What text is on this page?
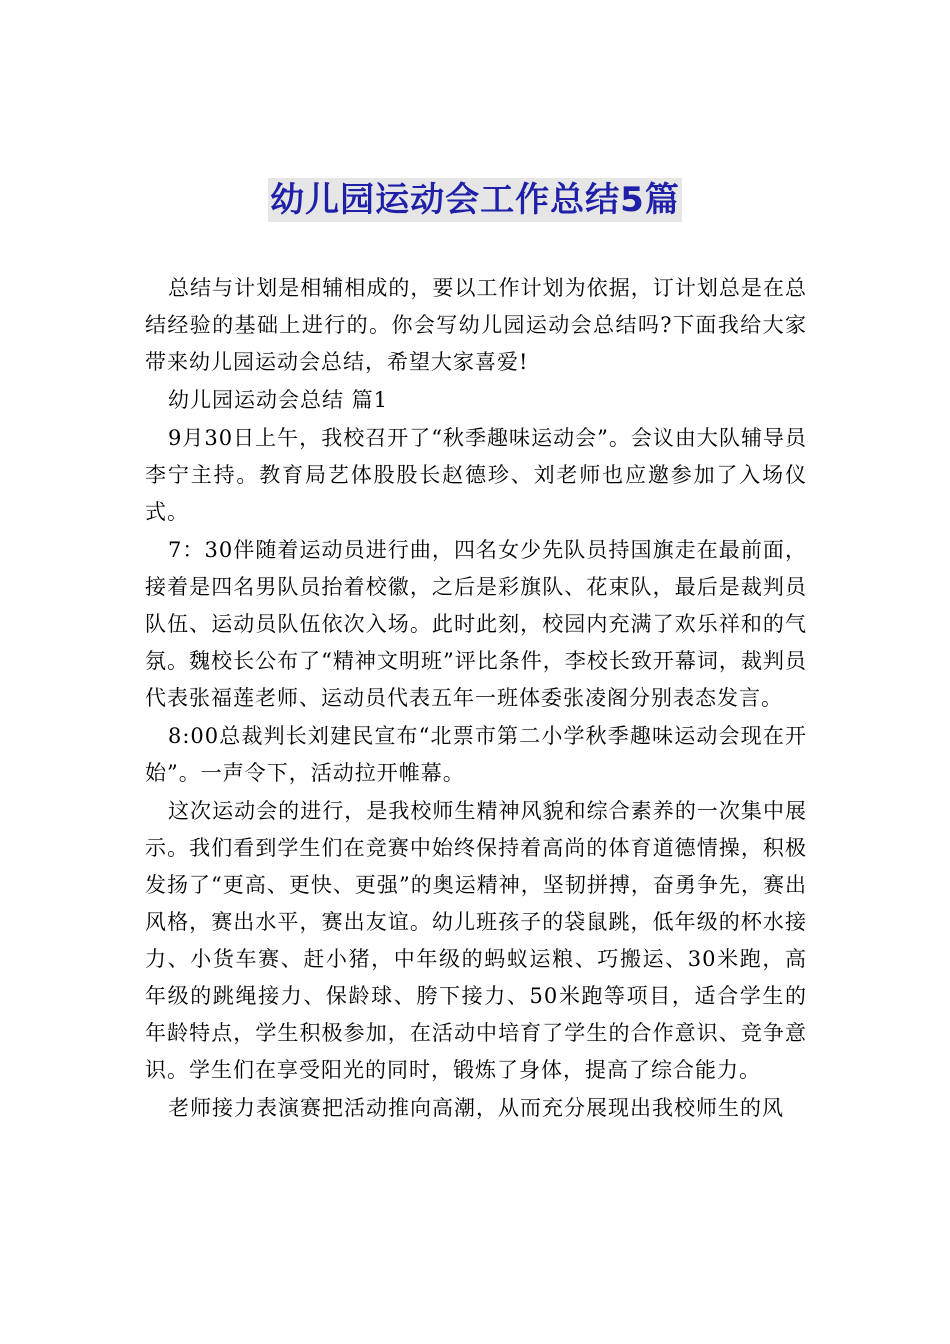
幼儿园运动会工作总结5篇

总结与计划是相辅相成的，要以工作计划为依据，订计划总是在总结经验的基础上进行的。你会写幼儿园运动会总结吗?下面我给大家带来幼儿园运动会总结，希望大家喜爱!

幼儿园运动会总结 篇1

9月30日上午，我校召开了“秋季趣味运动会”。会议由大队辅导员李宁主持。教育局艺体股股长赵德珍、刘老师也应邀参加了入场仪式。

7：30伴随着运动员进行曲，四名女少先队员持国旗走在最前面，接着是四名男队员抬着校徽，之后是彩旗队、花束队，最后是裁判员队伍、运动员队伍依次入场。此时此刻，校园内充满了欢乐祥和的气氛。魏校长公布了“精神文明班”评比条件，李校长致开幕词，裁判员代表张福莲老师、运动员代表五年一班体委张凌阁分别表态发言。

8:00总裁判长刘建民宣布“北票市第二小学秋季趣味运动会现在开始”。一声令下，活动拉开帷幕。

这次运动会的进行，是我校师生精神风貌和综合素养的一次集中展示。我们看到学生们在竞赛中始终保持着高尚的体育道德情操，积极发扬了“更高、更快、更强”的奥运精神，坚韧拼搏，奋勇争先，赛出风格，赛出水平，赛出友谊。幼儿班孩子的袋鼠跳，低年级的杯水接力、小货车赛、赶小猪，中年级的蚂蚁运粮、巧搬运、30米跑，高年级的跳绳接力、保龄球、胯下接力、50米跑等项目，适合学生的年龄特点，学生积极参加，在活动中培育了学生的合作意识、竞争意识。学生们在享受阳光的同时，锻炼了身体，提高了综合能力。

老师接力表演赛把活动推向高潮，从而充分展现出我校师生的风
